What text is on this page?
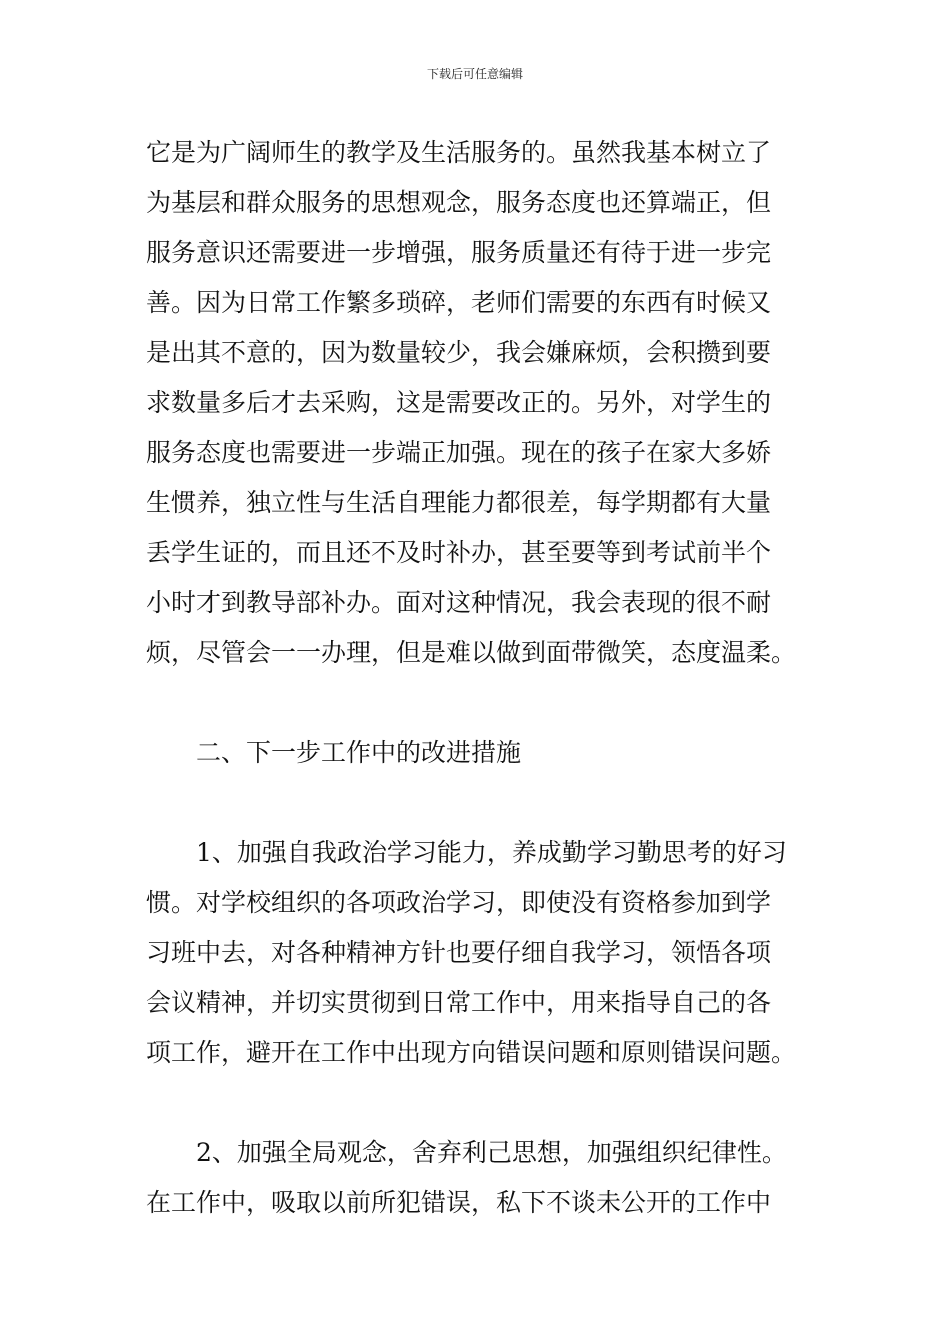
下载后可任意编辑
它是为广阔师生的教学及生活服务的。虽然我基本树立了
为基层和群众服务的思想观念，服务态度也还算端正，但
服务意识还需要进一步增强，服务质量还有待于进一步完
善。因为日常工作繁多琐碎，老师们需要的东西有时候又
是出其不意的，因为数量较少，我会嫌麻烦，会积攒到要
求数量多后才去采购，这是需要改正的。另外，对学生的
服务态度也需要进一步端正加强。现在的孩子在家大多娇
生惯养，独立性与生活自理能力都很差，每学期都有大量
丢学生证的，而且还不及时补办，甚至要等到考试前半个
小时才到教导部补办。面对这种情况，我会表现的很不耐
烦，尽管会一一办理，但是难以做到面带微笑，态度温柔。
二、下一步工作中的改进措施
1、加强自我政治学习能力，养成勤学习勤思考的好习
惯。对学校组织的各项政治学习，即使没有资格参加到学
习班中去，对各种精神方针也要仔细自我学习，领悟各项
会议精神，并切实贯彻到日常工作中，用来指导自己的各
项工作，避开在工作中出现方向错误问题和原则错误问题。
2、加强全局观念，舍弃利己思想，加强组织纪律性。
在工作中，吸取以前所犯错误，私下不谈未公开的工作中
